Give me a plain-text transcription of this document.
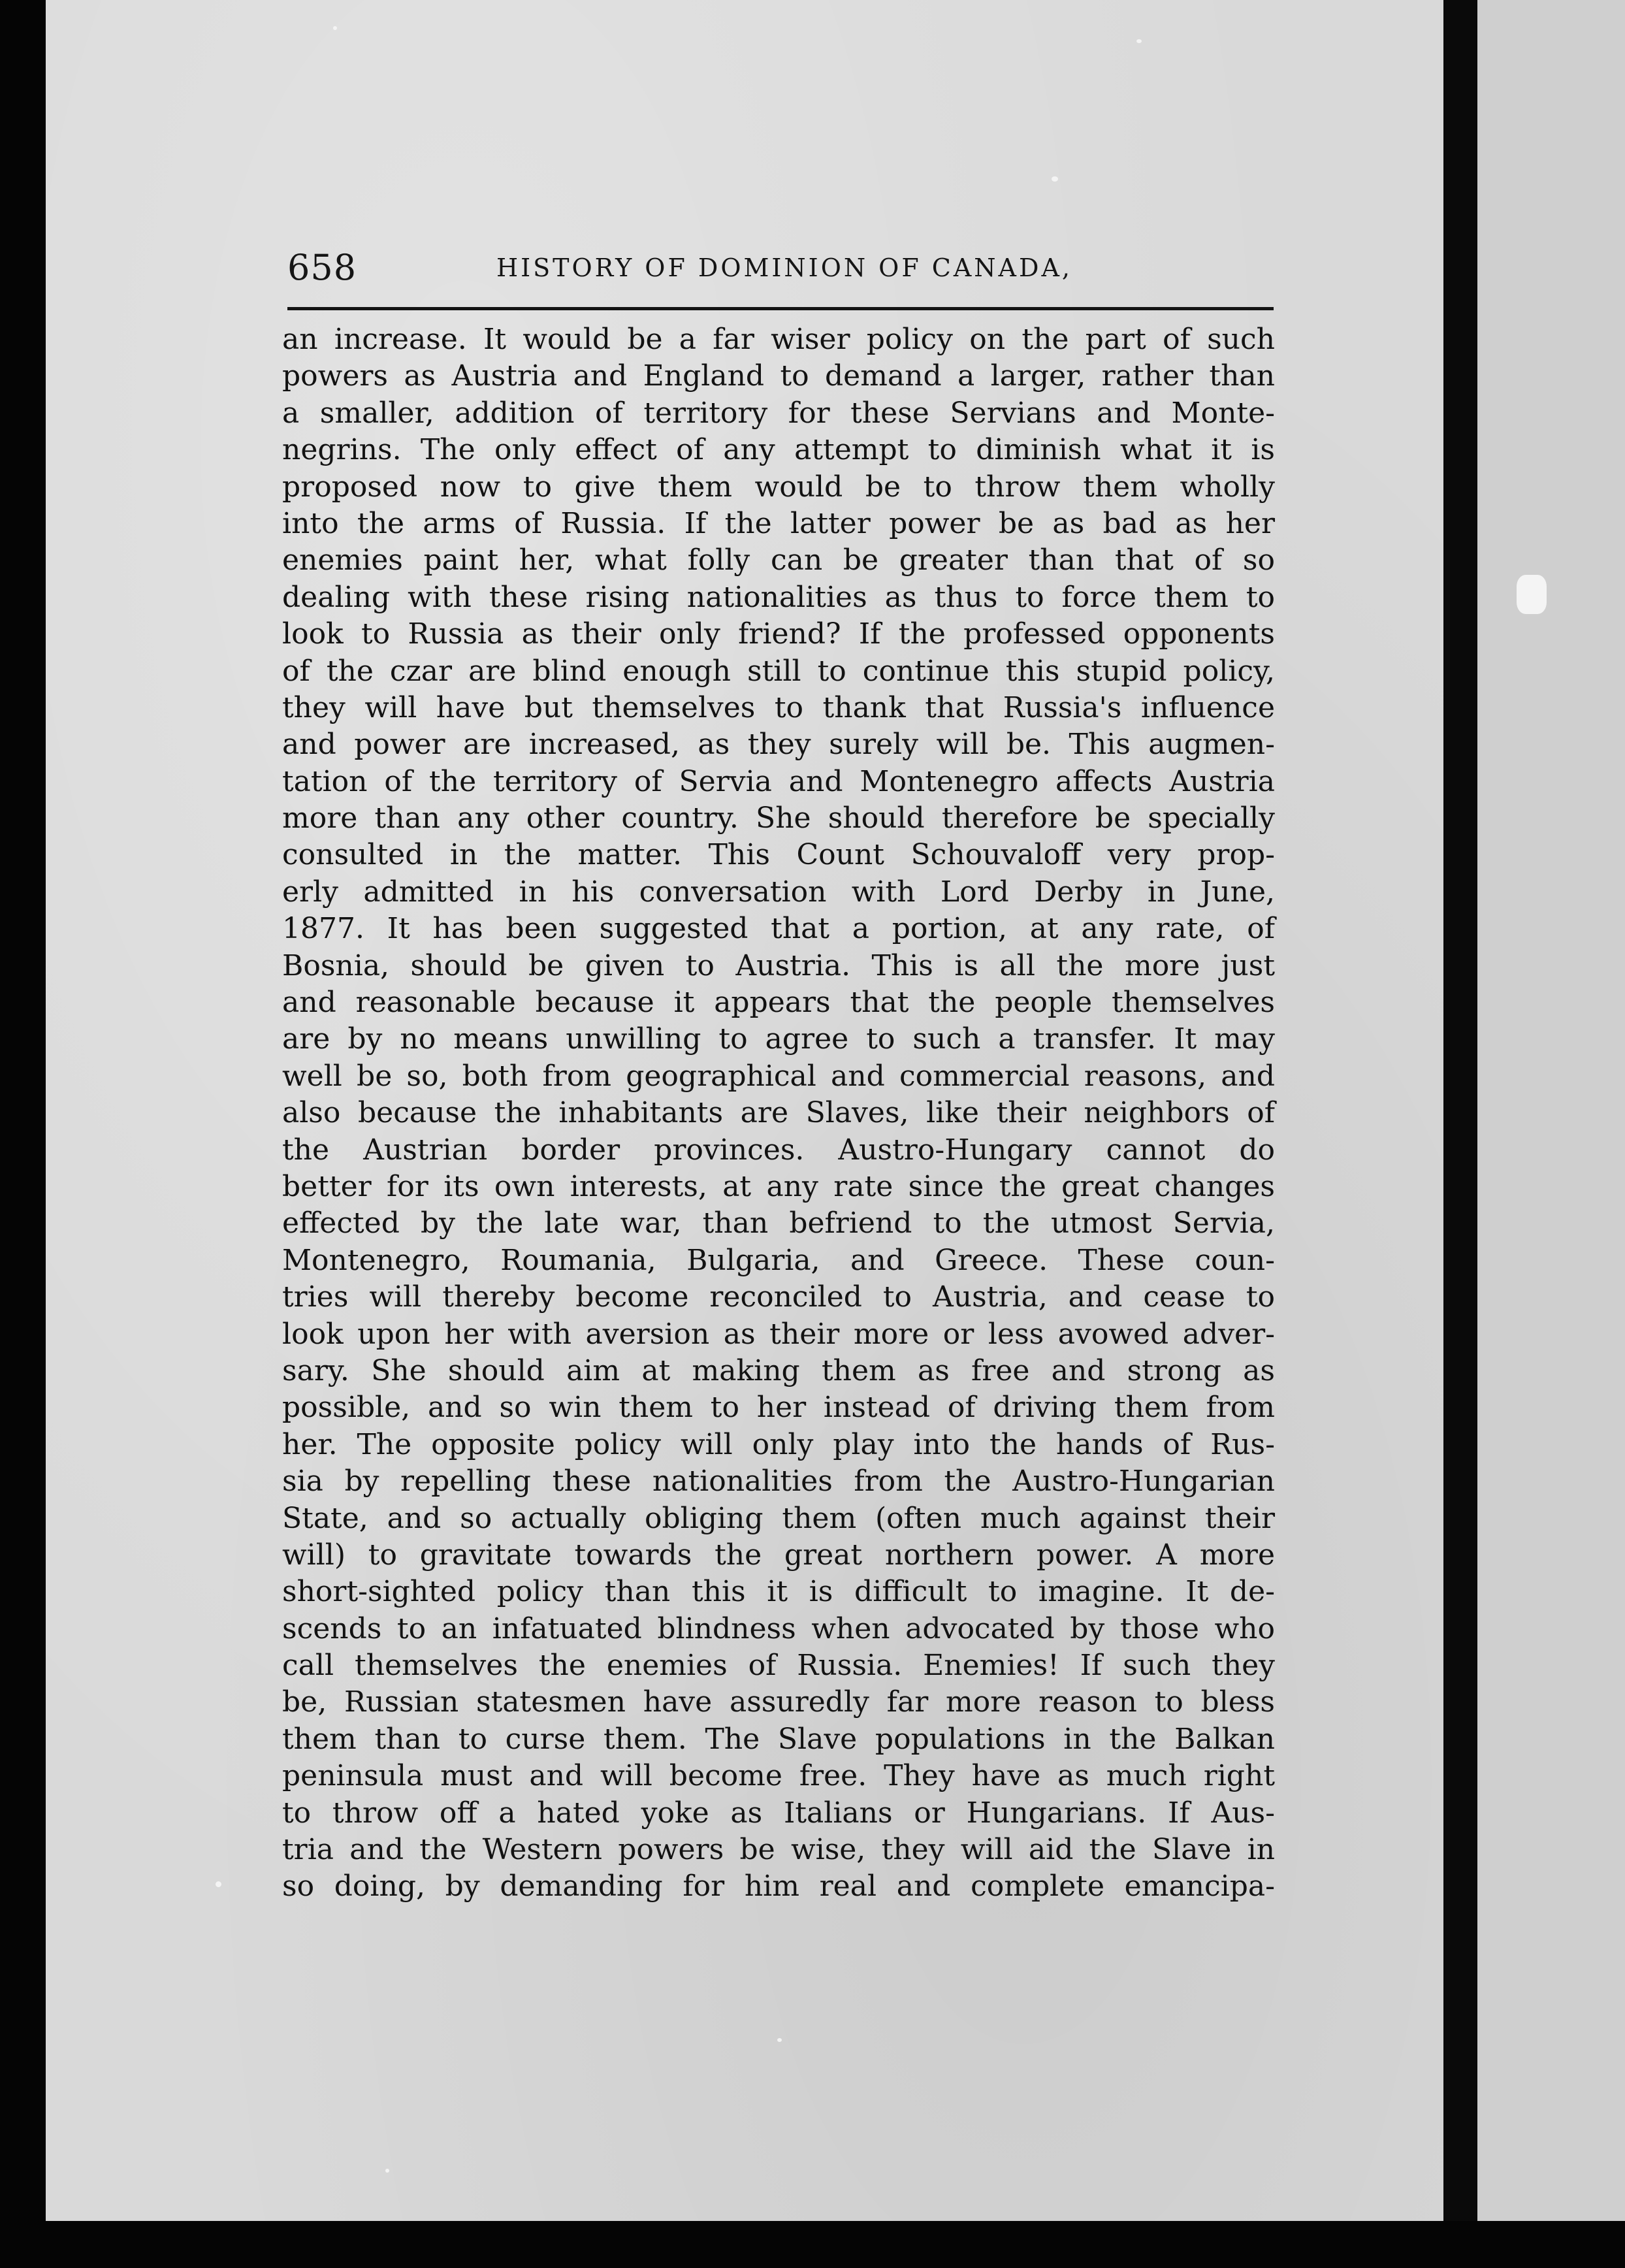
658	HISTORY OF DOMINION OF CANADA,
an increase. It would be a far wiser policy on the part of such
powers as Austria and England to demand a larger, rather than
a smaller, addition of territory for these Servians and Monte-
negrins. The only effect of any attempt to diminish what it is
proposed now to give them would be to throw them wholly
into the arms of Russia. If the latter power be as bad as her
enemies paint her, what folly can be greater than that of so
dealing with these rising nationalities as thus to force them to
look to Russia as their only friend? If the professed opponents
of the czar are blind enough still to continue this stupid policy,
they will have but themselves to thank that Russia's influence
and power are increased, as they surely will be. This augmen-
tation of the territory of Servia and Montenegro affects Austria
more than any other country. She should therefore be specially
consulted in the matter. This Count Schouvaloff very prop-
erly admitted in his conversation with Lord Derby in June,
1877. It has been suggested that a portion, at any rate, of
Bosnia, should be given to Austria. This is all the more just
and reasonable because it appears that the people themselves
are by no means unwilling to agree to such a transfer. It may
well be so, both from geographical and commercial reasons, and
also because the inhabitants are Slaves, like their neighbors of
the Austrian border provinces. Austro-Hungary cannot do
better for its own interests, at any rate since the great changes
effected by the late war, than befriend to the utmost Servia,
Montenegro, Roumania, Bulgaria, and Greece. These coun-
tries will thereby become reconciled to Austria, and cease to
look upon her with aversion as their more or less avowed adver-
sary. She should aim at making them as free and strong as
possible, and so win them to her instead of driving them from
her. The opposite policy will only play into the hands of Rus-
sia by repelling these nationalities from the Austro-Hungarian
State, and so actually obliging them (often much against their
will) to gravitate towards the great northern power. A more
short-sighted policy than this it is difficult to imagine. It de-
scends to an infatuated blindness when advocated by those who
call themselves the enemies of Russia. Enemies! If such they
be, Russian statesmen have assuredly far more reason to bless
them than to curse them. The Slave populations in the Balkan
peninsula must and will become free. They have as much right
to throw off a hated yoke as Italians or Hungarians. If Aus-
tria and the Western powers be wise, they will aid the Slave in
so doing, by demanding for him real and complete emancipa-
